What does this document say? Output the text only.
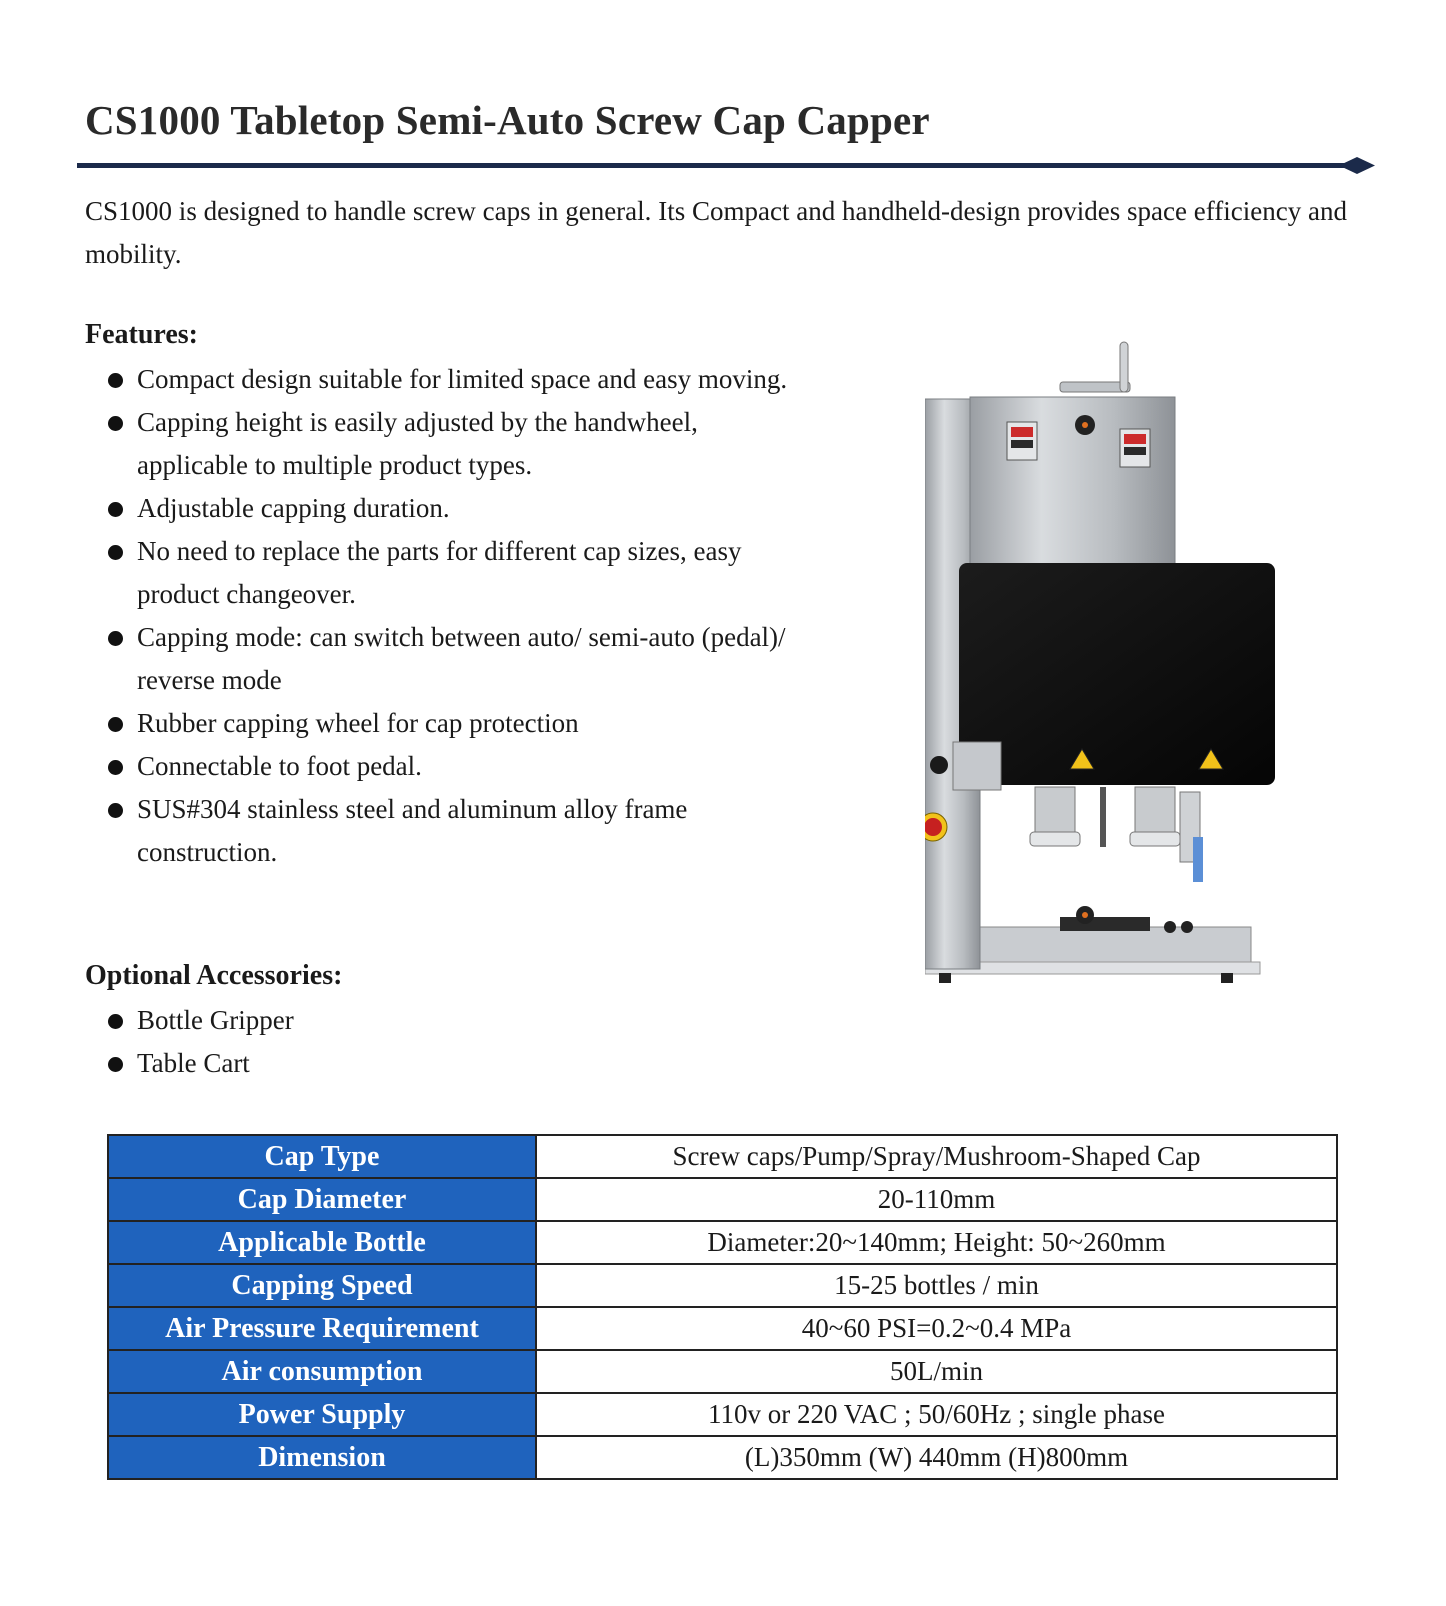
CS1000 Tabletop Semi-Auto Screw Cap Capper

CS1000 is designed to handle screw caps in general. Its Compact and handheld-design provides space efficiency and mobility.

Features:
Compact design suitable for limited space and easy moving.
Capping height is easily adjusted by the handwheel, applicable to multiple product types.
Adjustable capping duration.
No need to replace the parts for different cap sizes, easy product changeover.
Capping mode: can switch between auto/ semi-auto (pedal)/ reverse mode
Rubber capping wheel for cap protection
Connectable to foot pedal.
SUS#304 stainless steel and aluminum alloy frame construction.
Optional Accessories:
Bottle Gripper
Table Cart
Cap Type	Screw caps/Pump/Spray/Mushroom-Shaped Cap
Cap Diameter	20-110mm
Applicable Bottle	Diameter:20~140mm; Height: 50~260mm
Capping Speed	15-25 bottles / min
Air Pressure Requirement	40~60 PSI=0.2~0.4 MPa
Air consumption	50L/min
Power Supply	110v or 220 VAC ; 50/60Hz ; single phase
Dimension	(L)350mm (W) 440mm (H)800mm
